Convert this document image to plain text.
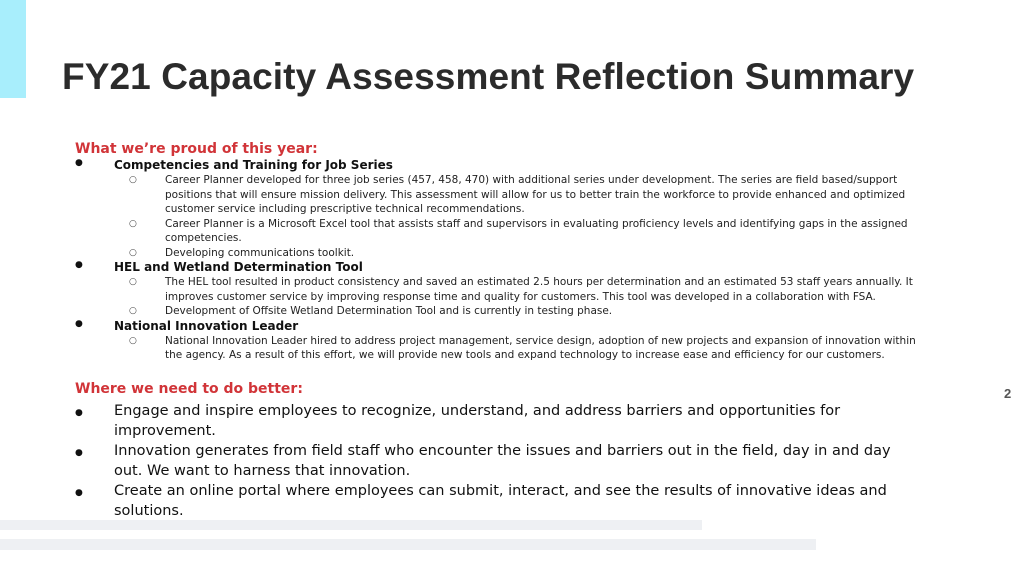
FY21 Capacity Assessment Reflection Summary
2

What we’re proud of this year:

●	Competencies and Training for Job Series
○	Career Planner developed for three job series (457, 458, 470) with additional series under development. The series are field based/support positions that will ensure mission delivery. This assessment will allow for us to better train the workforce to provide enhanced and optimized customer service including prescriptive technical recommendations.
○	Career Planner is a Microsoft Excel tool that assists staff and supervisors in evaluating proficiency levels and identifying gaps in the assigned competencies.
○	Developing communications toolkit.
●	HEL and Wetland Determination Tool
○	The HEL tool resulted in product consistency and saved an estimated 2.5 hours per determination and an estimated 53 staff years annually. It improves customer service by improving response time and quality for customers. This tool was developed in a collaboration with FSA.
○	Development of Offsite Wetland Determination Tool and is currently in testing phase.
●	National Innovation Leader
○	National Innovation Leader hired to address project management, service design, adoption of new projects and expansion of innovation within the agency. As a result of this effort, we will provide new tools and expand technology to increase ease and efficiency for our customers.

Where we need to do better:

● Engage and inspire employees to recognize, understand, and address barriers and opportunities for improvement.
● Innovation generates from field staff who encounter the issues and barriers out in the field, day in and day out. We want to harness that innovation.
● Create an online portal where employees can submit, interact, and see the results of innovative ideas and solutions.
